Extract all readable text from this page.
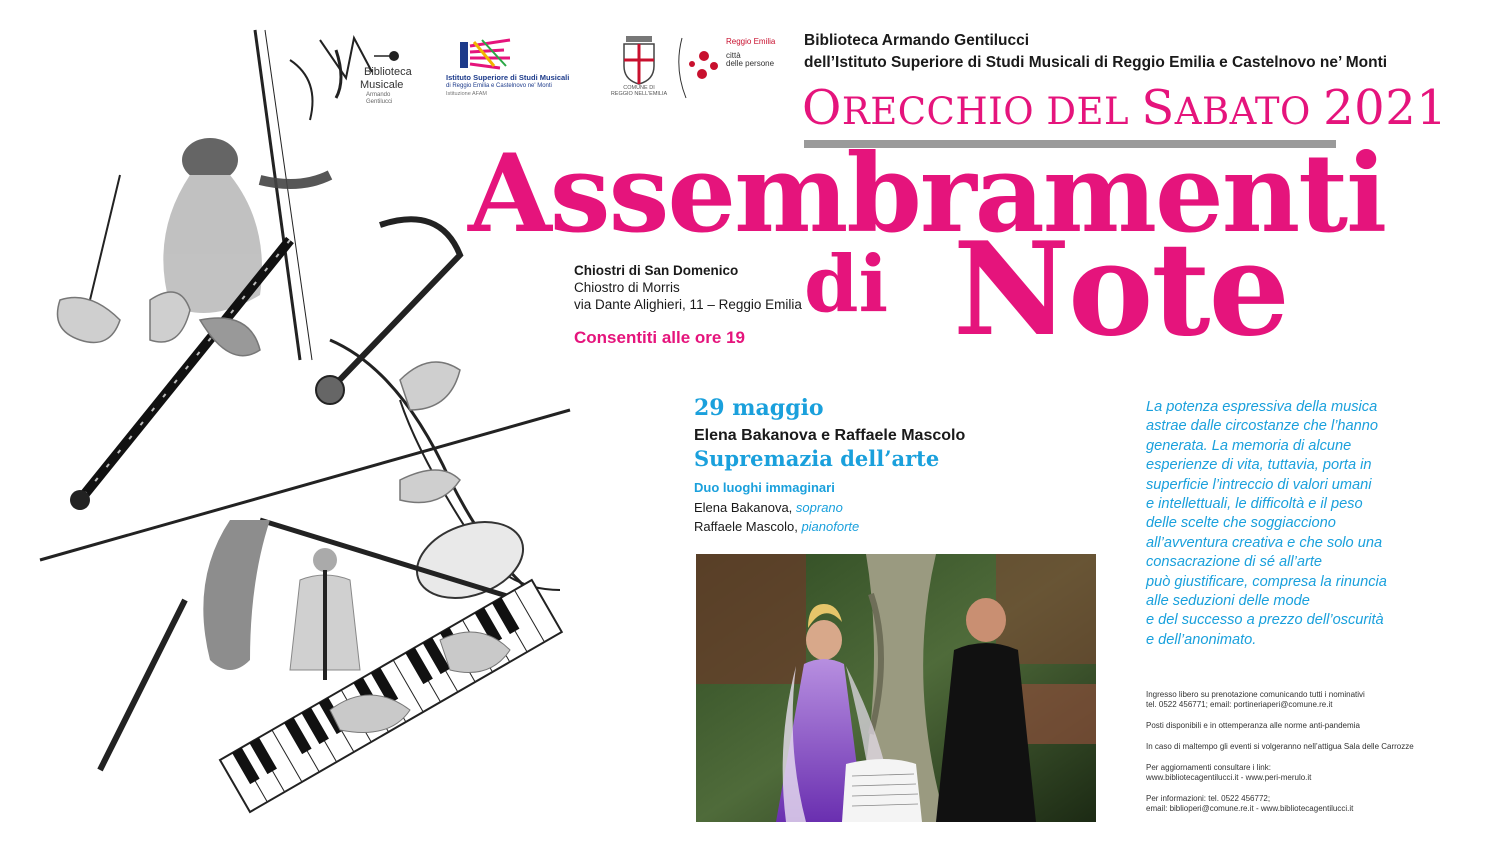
Biblioteca
Musicale
Armando Gentilucci
Istituto Superiore di Studi Musicali
di Reggio Emilia e Castelnovo ne' Monti
Istituzione AFAM
COMUNE DI
REGGIO NELL'EMILIA
Reggio Emilia
città
delle persone
Biblioteca Armando Gentilucci
dell’Istituto Superiore di Studi Musicali di Reggio Emilia e Castelnovo ne’ Monti
ORECCHIO DEL SABATO 2021
Assembramenti
di Note
Chiostri di San Domenico
Chiostro di Morris
via Dante Alighieri, 11 – Reggio Emilia
Consentiti alle ore 19
29 maggio
Elena Bakanova e Raffaele Mascolo
Supremazia dell’arte
Duo luoghi immaginari
Elena Bakanova, soprano
Raffaele Mascolo, pianoforte
La potenza espressiva della musica
astrae dalle circostanze che l’hanno
generata. La memoria di alcune
esperienze di vita, tuttavia, porta in
superficie l’intreccio di valori umani
e intellettuali, le difficoltà e il peso
delle scelte che soggiacciono
all’avventura creativa e che solo una
consacrazione di sé all’arte
può giustificare, compresa la rinuncia
alle seduzioni delle mode
e del successo a prezzo dell’oscurità
e dell’anonimato.
Ingresso libero su prenotazione comunicando tutti i nominativi
tel. 0522 456771; email: portineriaperi@comune.re.it
Posti disponibili e in ottemperanza alle norme anti-pandemia
In caso di maltempo gli eventi si volgeranno nell’attigua Sala delle Carrozze
Per aggiornamenti consultare i link:
www.bibliotecagentilucci.it - www.peri-merulo.it
Per informazioni: tel. 0522 456772;
email: biblioperi@comune.re.it - www.bibliotecagentilucci.it
